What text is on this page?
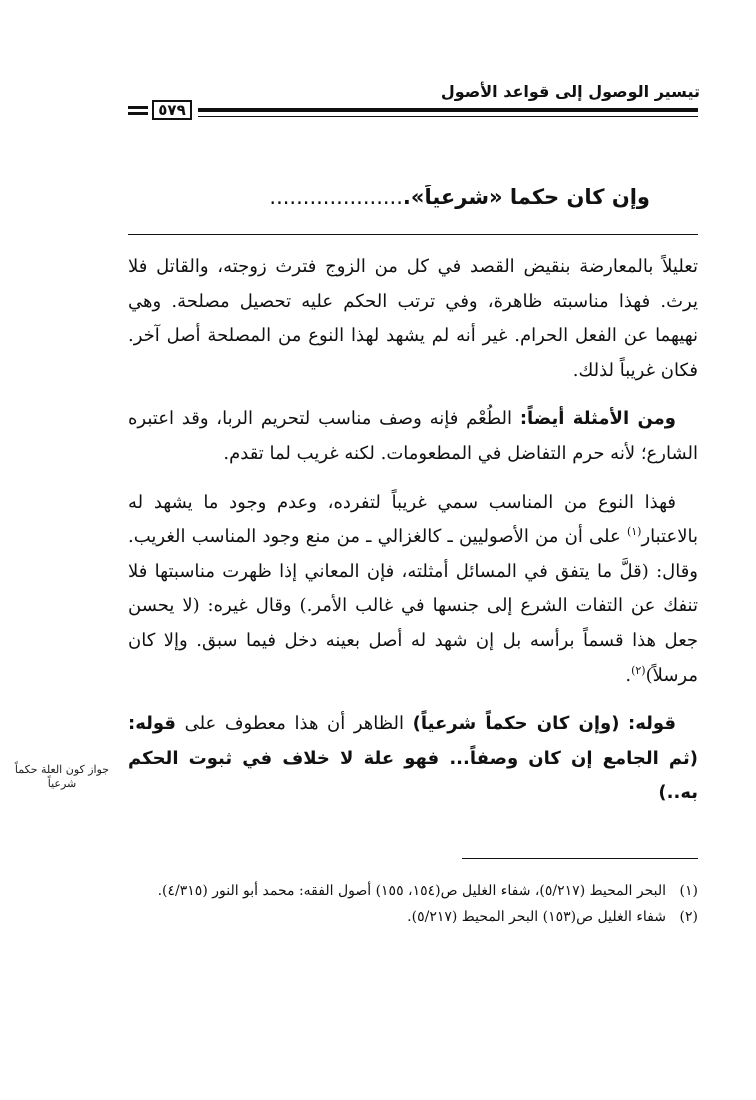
تيسير الوصول إلى قواعد الأصول
٥٧٩
وإن كان حكما «شرعياً».....................

تعليلاً بالمعارضة بنقيض القصد في كل من الزوج فترث زوجته، والقاتل فلا يرث. فهذا مناسبته ظاهرة، وفي ترتب الحكم عليه تحصيل مصلحة. وهي نهيهما عن الفعل الحرام. غير أنه لم يشهد لهذا النوع من المصلحة أصل آخر. فكان غريباً لذلك.

ومن الأمثلة أيضاً: الطُعْم فإنه وصف مناسب لتحريم الربا، وقد اعتبره الشارع؛ لأنه حرم التفاضل في المطعومات. لكنه غريب لما تقدم.

فهذا النوع من المناسب سمي غريباً لتفرده، وعدم وجود ما يشهد له بالاعتبار$^{(١)}$ على أن من الأصوليين ـ كالغزالي ـ من منع وجود المناسب الغريب. وقال: (قلَّ ما يتفق في المسائل أمثلته، فإن المعاني إذا ظهرت مناسبتها فلا تنفك عن التفات الشرع إلى جنسها في غالب الأمر.) وقال غيره: (لا يحسن جعل هذا قسماً برأسه بل إن شهد له أصل بعينه دخل فيما سبق. وإلا كان مرسلاً)$^{(٢)}$.

قوله: (وإن كان حكماً شرعياً) الظاهر أن هذا معطوف على قوله: (ثم الجامع إن كان وصفاً... فهو علة لا خلاف في ثبوت الحكم به..)

جواز كون العلة حكماً شرعياً
(١)
البحر المحيط (٥/٢١٧)، شفاء الغليل ص(١٥٤، ١٥٥) أصول الفقه: محمد أبو النور (٤/٣١٥).
(٢)
شفاء الغليل ص(١٥٣) البحر المحيط (٥/٢١٧).
